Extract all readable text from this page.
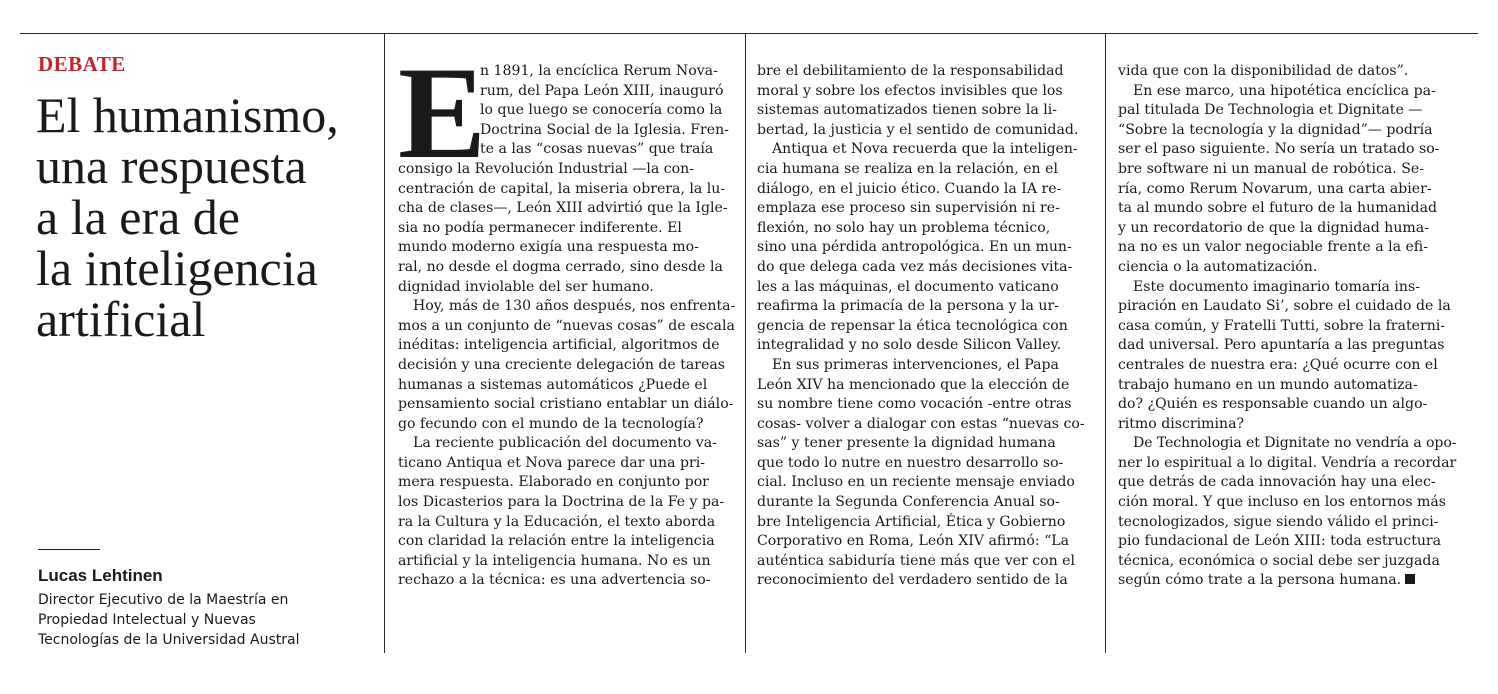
DEBATE
El humanismo,
una respuesta
a la era de
la inteligencia
artificial
Lucas Lehtinen
Director Ejecutivo de la Maestría en
Propiedad Intelectual y Nuevas
Tecnologías de la Universidad Austral
E
n 1891, la encíclica Rerum Nova-
rum, del Papa León XIII, inauguró
lo que luego se conocería como la
Doctrina Social de la Iglesia. Fren-
te a las “cosas nuevas” que traía
consigo la Revolución Industrial —la con-
centración de capital, la miseria obrera, la lu-
cha de clases—, León XIII advirtió que la Igle-
sia no podía permanecer indiferente. El
mundo moderno exigía una respuesta mo-
ral, no desde el dogma cerrado, sino desde la
dignidad inviolable del ser humano.
Hoy, más de 130 años después, nos enfrenta-
mos a un conjunto de “nuevas cosas” de escala
inéditas: inteligencia artificial, algoritmos de
decisión y una creciente delegación de tareas
humanas a sistemas automáticos ¿Puede el
pensamiento social cristiano entablar un diálo-
go fecundo con el mundo de la tecnología?
La reciente publicación del documento va-
ticano Antiqua et Nova parece dar una pri-
mera respuesta. Elaborado en conjunto por
los Dicasterios para la Doctrina de la Fe y pa-
ra la Cultura y la Educación, el texto aborda
con claridad la relación entre la inteligencia
artificial y la inteligencia humana. No es un
rechazo a la técnica: es una advertencia so-
bre el debilitamiento de la responsabilidad
moral y sobre los efectos invisibles que los
sistemas automatizados tienen sobre la li-
bertad, la justicia y el sentido de comunidad.
Antiqua et Nova recuerda que la inteligen-
cia humana se realiza en la relación, en el
diálogo, en el juicio ético. Cuando la IA re-
emplaza ese proceso sin supervisión ni re-
flexión, no solo hay un problema técnico,
sino una pérdida antropológica. En un mun-
do que delega cada vez más decisiones vita-
les a las máquinas, el documento vaticano
reafirma la primacía de la persona y la ur-
gencia de repensar la ética tecnológica con
integralidad y no solo desde Silicon Valley.
En sus primeras intervenciones, el Papa
León XIV ha mencionado que la elección de
su nombre tiene como vocación -entre otras
cosas- volver a dialogar con estas “nuevas co-
sas” y tener presente la dignidad humana
que todo lo nutre en nuestro desarrollo so-
cial. Incluso en un reciente mensaje enviado
durante la Segunda Conferencia Anual so-
bre Inteligencia Artificial, Ética y Gobierno
Corporativo en Roma, León XIV afirmó: “La
auténtica sabiduría tiene más que ver con el
reconocimiento del verdadero sentido de la
vida que con la disponibilidad de datos”.
En ese marco, una hipotética encíclica pa-
pal titulada De Technologia et Dignitate —
“Sobre la tecnología y la dignidad”— podría
ser el paso siguiente. No sería un tratado so-
bre software ni un manual de robótica. Se-
ría, como Rerum Novarum, una carta abier-
ta al mundo sobre el futuro de la humanidad
y un recordatorio de que la dignidad huma-
na no es un valor negociable frente a la efi-
ciencia o la automatización.
Este documento imaginario tomaría ins-
piración en Laudato Si’, sobre el cuidado de la
casa común, y Fratelli Tutti, sobre la fraterni-
dad universal. Pero apuntaría a las preguntas
centrales de nuestra era: ¿Qué ocurre con el
trabajo humano en un mundo automatiza-
do? ¿Quién es responsable cuando un algo-
ritmo discrimina?
De Technologia et Dignitate no vendría a opo-
ner lo espiritual a lo digital. Vendría a recordar
que detrás de cada innovación hay una elec-
ción moral. Y que incluso en los entornos más
tecnologizados, sigue siendo válido el princi-
pio fundacional de León XIII: toda estructura
técnica, económica o social debe ser juzgada
según cómo trate a la persona humana.
